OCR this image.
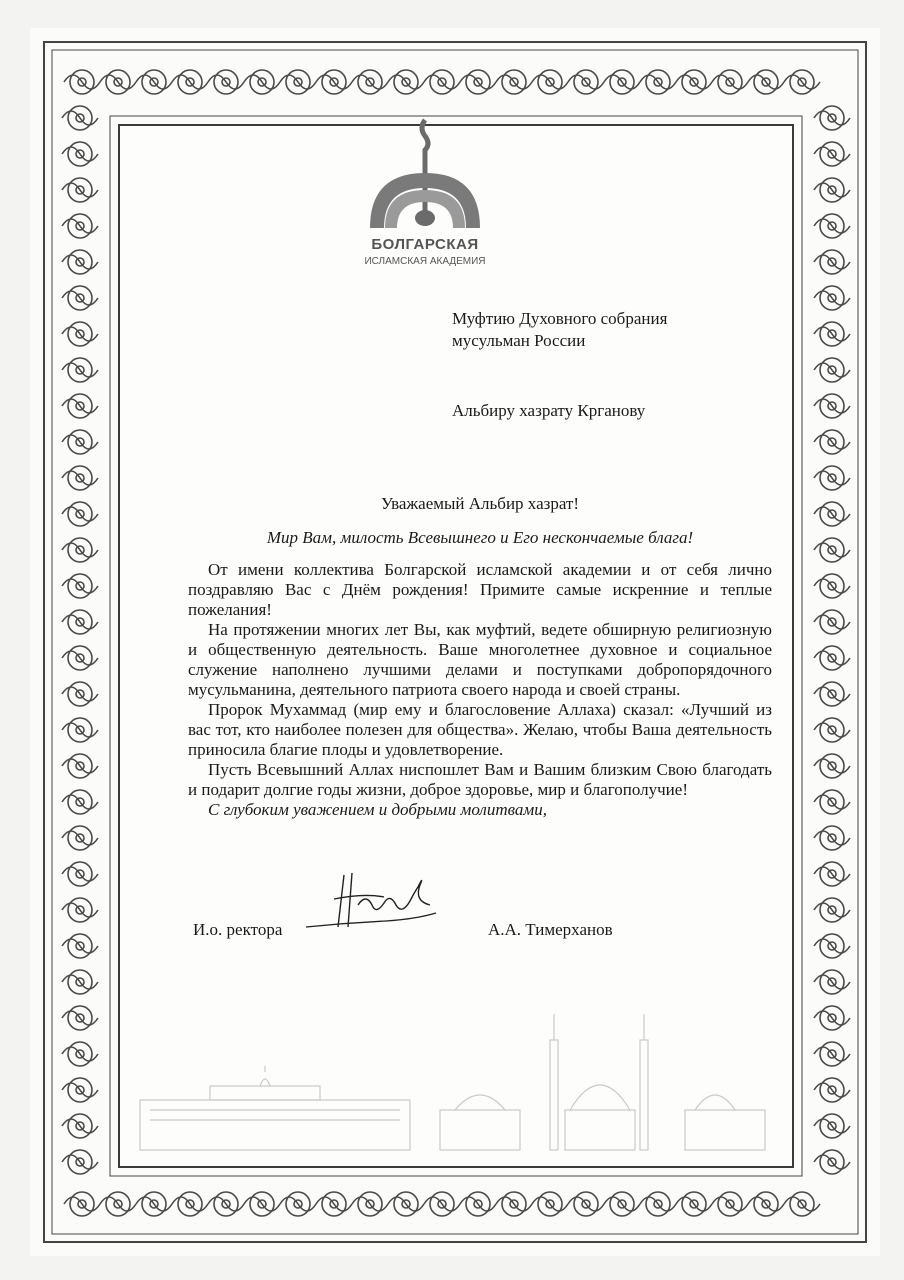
БОЛГАРСКАЯ
ИСЛАМСКАЯ АКАДЕМИЯ
Муфтию Духовного собрания
мусульман России
Альбиру хазрату Крганову
Уважаемый Альбир хазрат!
Мир Вам, милость Всевышнего и Его нескончаемые блага!
От имени коллектива Болгарской исламской академии и от себя лично поздравляю Вас с Днём рождения! Примите самые искренние и теплые пожелания!
На протяжении многих лет Вы, как муфтий, ведете обширную религиозную и общественную деятельность. Ваше многолетнее духовное и социальное служение наполнено лучшими делами и поступками добропорядочного мусульманина, деятельного патриота своего народа и своей страны.
Пророк Мухаммад (мир ему и благословение Аллаха) сказал: «Лучший из вас тот, кто наиболее полезен для общества». Желаю, чтобы Ваша деятельность приносила благие плоды и удовлетворение.
Пусть Всевышний Аллах ниспошлет Вам и Вашим близким Свою благодать и подарит долгие годы жизни, доброе здоровье, мир и благополучие!
С глубоким уважением и добрыми молитвами,
И.о. ректора	А.А. Тимерханов
